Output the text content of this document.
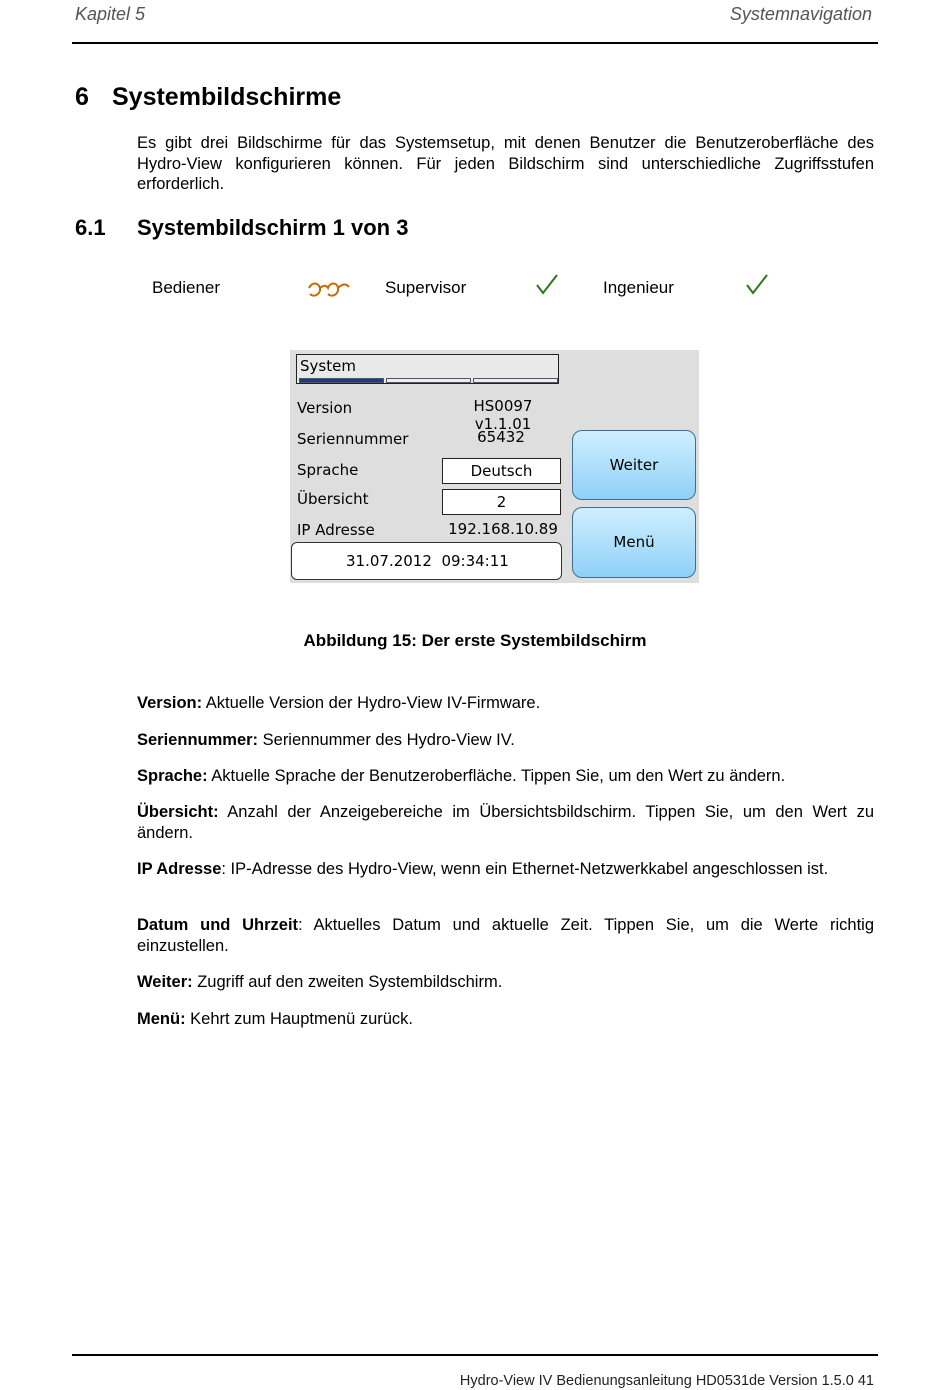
Kapitel 5	Systemnavigation
6 Systembildschirme
Es gibt drei Bildschirme für das Systemsetup, mit denen Benutzer die Benutzeroberfläche des Hydro-View konfigurieren können. Für jeden Bildschirm sind unterschiedliche Zugriffsstufen erforderlich.
6.1 Systembildschirm 1 von 3
Bediener	Supervisor	Ingenieur
System
Version	HS0097 v1.1.01
Seriennummer	65432
Sprache	Deutsch
Übersicht	2
IP Adresse	192.168.10.89
31.07.2012 09:34:11
Weiter
Menü
Abbildung 15: Der erste Systembildschirm
Version: Aktuelle Version der Hydro-View IV-Firmware.
Seriennummer: Seriennummer des Hydro-View IV.
Sprache: Aktuelle Sprache der Benutzeroberfläche. Tippen Sie, um den Wert zu ändern.
Übersicht: Anzahl der Anzeigebereiche im Übersichtsbildschirm. Tippen Sie, um den Wert zu ändern.
IP Adresse: IP-Adresse des Hydro-View, wenn ein Ethernet-Netzwerkkabel angeschlossen ist.
Datum und Uhrzeit: Aktuelles Datum und aktuelle Zeit. Tippen Sie, um die Werte richtig einzustellen.
Weiter: Zugriff auf den zweiten Systembildschirm.
Menü: Kehrt zum Hauptmenü zurück.
Hydro-View IV Bedienungsanleitung HD0531de Version 1.5.0 41
